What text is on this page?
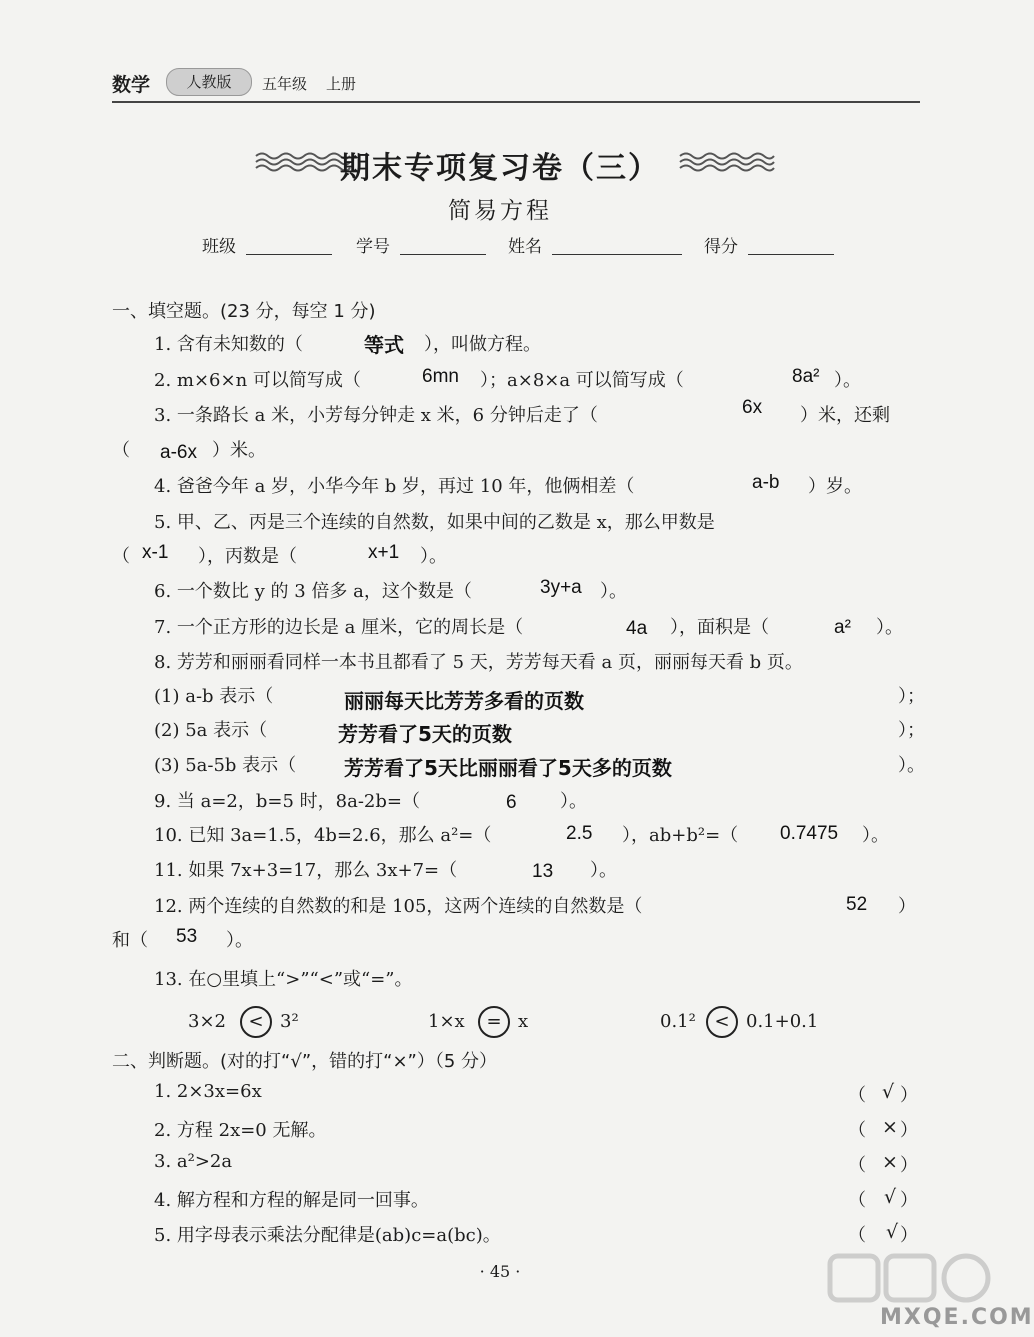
数学	人教版	五年级 上册
期末专项复习卷（三）
简易方程
班级	学号	姓名	得分
一、填空题。(23 分，每空 1 分)
1. 含有未知数的（	等式 ），叫做方程。
2. m×6×n 可以简写成（	6mn ）；a×8×a 可以简写成（	8a² ）。
3. 一条路长 a 米，小芳每分钟走 x 米，6 分钟后走了（	6x ）米，还剩
（ a-6x ）米。
4. 爸爸今年 a 岁，小华今年 b 岁，再过 10 年，他俩相差（	a-b ）岁。
5. 甲、乙、丙是三个连续的自然数，如果中间的乙数是 x，那么甲数是
（ x-1 ），丙数是（	x+1 ）。
6. 一个数比 y 的 3 倍多 a，这个数是（	3y+a ）。
7. 一个正方形的边长是 a 厘米，它的周长是（	4a ），面积是（	a² ）。
8. 芳芳和丽丽看同样一本书且都看了 5 天，芳芳每天看 a 页，丽丽每天看 b 页。
(1) a-b 表示（	丽丽每天比芳芳多看的页数	）；
(2) 5a 表示（	芳芳看了5天的页数	）；
(3) 5a-5b 表示（ 芳芳看了5天比丽丽看了5天多的页数	）。
9. 当 a=2，b=5 时，8a-2b=（	6 ）。
10. 已知 3a=1.5，4b=2.6，那么 a²=（	2.5 ），ab+b²=（ 0.7475 ）。
11. 如果 7x+3=17，那么 3x+7=（	13 ）。
12. 两个连续的自然数的和是 105，这两个连续的自然数是（	52 ）
和（ 53 ）。
13. 在○里填上“>”“<”或“=”。
3×2	< 3²	1×x	= x	0.1²	< 0.1+0.1
二、判断题。(对的打“√”，错的打“×”）（5 分）
1. 2×3x=6x	（ √ ）
2. 方程 2x=0 无解。	（ × ）
3. a²>2a	（ × ）
4. 解方程和方程的解是同一回事。	（ √ ）
5. 用字母表示乘法分配律是(ab)c=a(bc)。	（ √ ）
· 45 ·
MXQE.COM
